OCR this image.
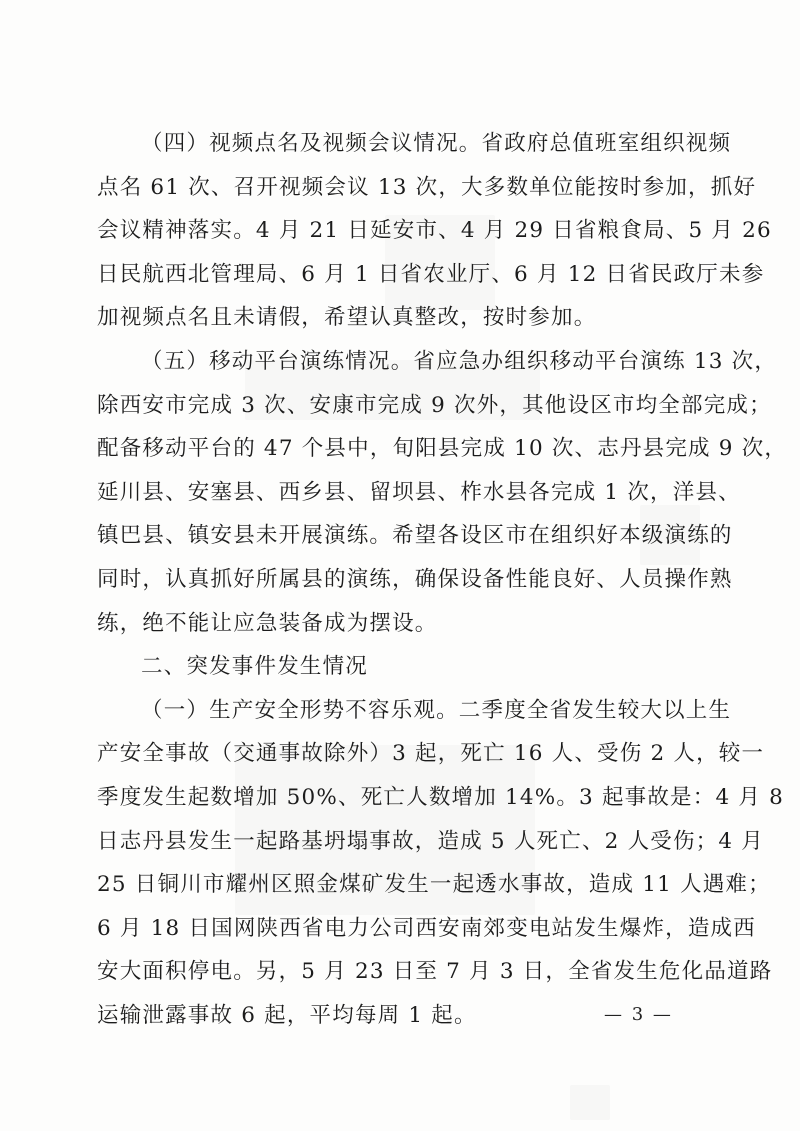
（四）视频点名及视频会议情况。省政府总值班室组织视频
点名 61 次、召开视频会议 13 次，大多数单位能按时参加，抓好
会议精神落实。4 月 21 日延安市、4 月 29 日省粮食局、5 月 26
日民航西北管理局、6 月 1 日省农业厅、6 月 12 日省民政厅未参
加视频点名且未请假，希望认真整改，按时参加。

（五）移动平台演练情况。省应急办组织移动平台演练 13 次，
除西安市完成 3 次、安康市完成 9 次外，其他设区市均全部完成；
配备移动平台的 47 个县中，旬阳县完成 10 次、志丹县完成 9 次，
延川县、安塞县、西乡县、留坝县、柞水县各完成 1 次，洋县、
镇巴县、镇安县未开展演练。希望各设区市在组织好本级演练的
同时，认真抓好所属县的演练，确保设备性能良好、人员操作熟
练，绝不能让应急装备成为摆设。

二、突发事件发生情况

（一）生产安全形势不容乐观。二季度全省发生较大以上生
产安全事故（交通事故除外）3 起，死亡 16 人、受伤 2 人，较一
季度发生起数增加 50%、死亡人数增加 14%。3 起事故是：4 月 8
日志丹县发生一起路基坍塌事故，造成 5 人死亡、2 人受伤；4 月
25 日铜川市耀州区照金煤矿发生一起透水事故，造成 11 人遇难；
6 月 18 日国网陕西省电力公司西安南郊变电站发生爆炸，造成西
安大面积停电。另，5 月 23 日至 7 月 3 日，全省发生危化品道路
运输泄露事故 6 起，平均每周 1 起。	— 3 —
